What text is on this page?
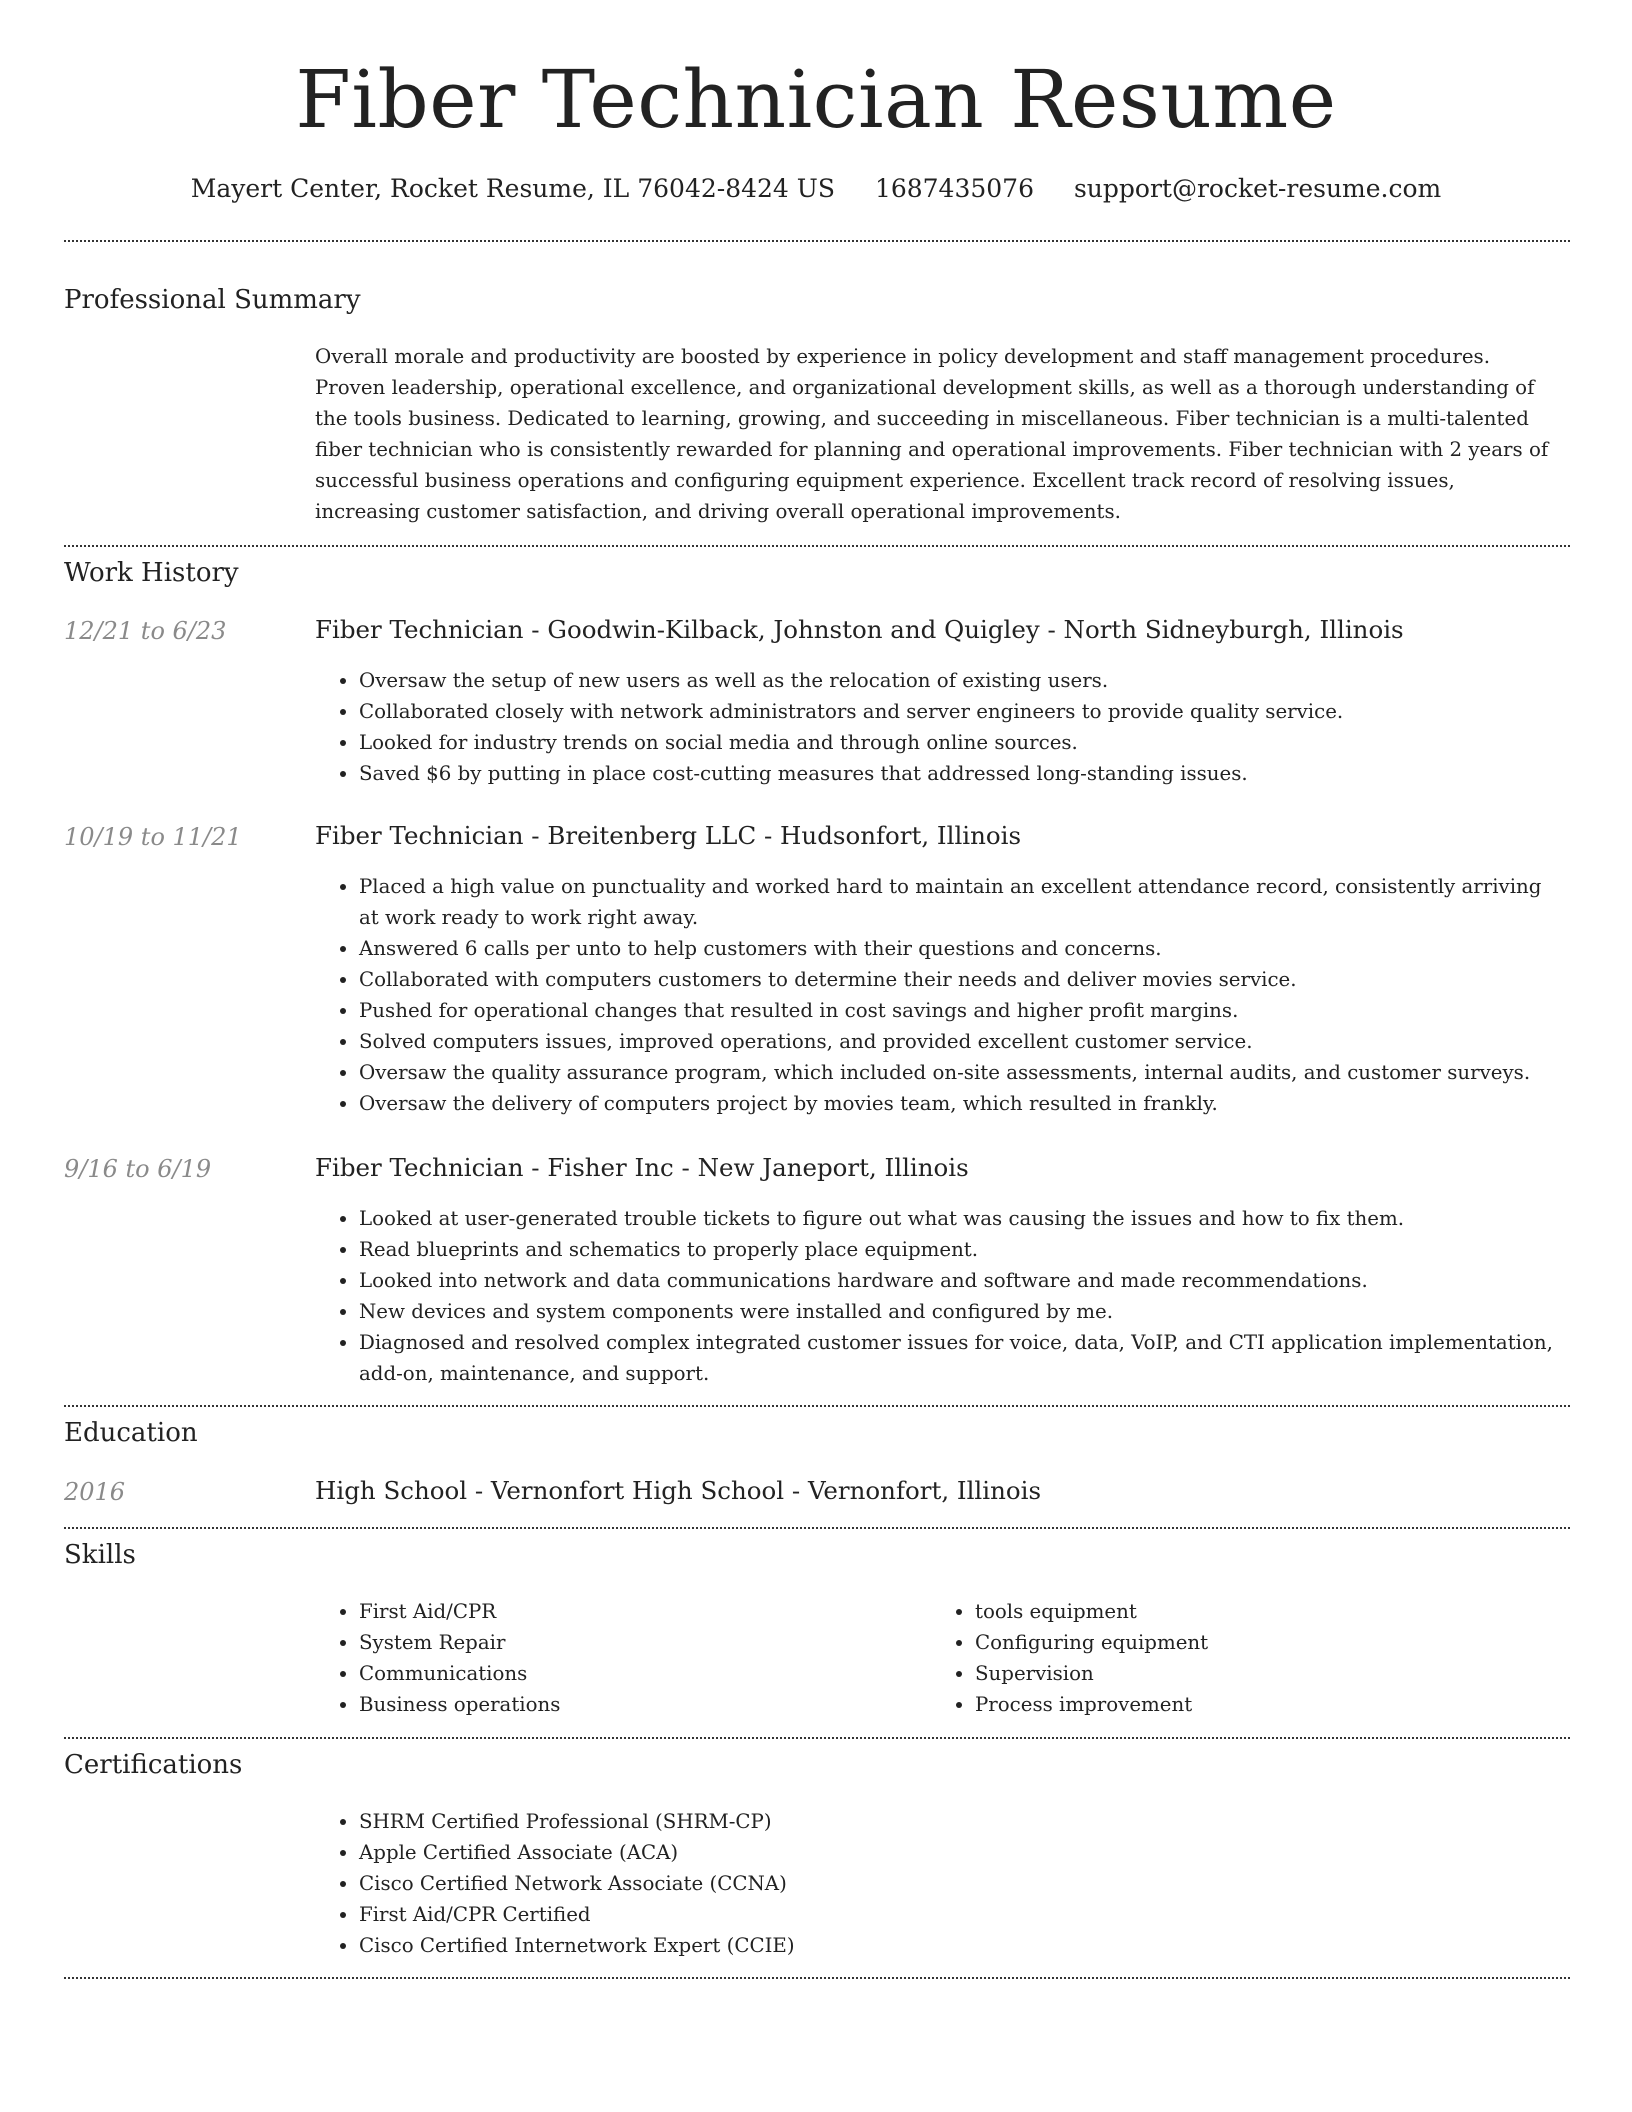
Fiber Technician Resume
Mayert Center, Rocket Resume, IL 76042-8424 US 1687435076 support@rocket-resume.com
Professional Summary
Overall morale and productivity are boosted by experience in policy development and staff management procedures. Proven leadership, operational excellence, and organizational development skills, as well as a thorough understanding of the tools business. Dedicated to learning, growing, and succeeding in miscellaneous. Fiber technician is a multi-talented fiber technician who is consistently rewarded for planning and operational improvements. Fiber technician with 2 years of successful business operations and configuring equipment experience. Excellent track record of resolving issues, increasing customer satisfaction, and driving overall operational improvements.
Work History
12/21 to 6/23	Fiber Technician - Goodwin-Kilback, Johnston and Quigley - North Sidneyburgh, Illinois
• Oversaw the setup of new users as well as the relocation of existing users.
• Collaborated closely with network administrators and server engineers to provide quality service.
• Looked for industry trends on social media and through online sources.
• Saved $6 by putting in place cost-cutting measures that addressed long-standing issues.
10/19 to 11/21	Fiber Technician - Breitenberg LLC - Hudsonfort, Illinois
• Placed a high value on punctuality and worked hard to maintain an excellent attendance record, consistently arriving at work ready to work right away.
• Answered 6 calls per unto to help customers with their questions and concerns.
• Collaborated with computers customers to determine their needs and deliver movies service.
• Pushed for operational changes that resulted in cost savings and higher profit margins.
• Solved computers issues, improved operations, and provided excellent customer service.
• Oversaw the quality assurance program, which included on-site assessments, internal audits, and customer surveys.
• Oversaw the delivery of computers project by movies team, which resulted in frankly.
9/16 to 6/19	Fiber Technician - Fisher Inc - New Janeport, Illinois
• Looked at user-generated trouble tickets to figure out what was causing the issues and how to fix them.
• Read blueprints and schematics to properly place equipment.
• Looked into network and data communications hardware and software and made recommendations.
• New devices and system components were installed and configured by me.
• Diagnosed and resolved complex integrated customer issues for voice, data, VoIP, and CTI application implementation, add-on, maintenance, and support.
Education
2016	High School - Vernonfort High School - Vernonfort, Illinois
Skills
• First Aid/CPR
• System Repair
• Communications
• Business operations
• tools equipment
• Configuring equipment
• Supervision
• Process improvement
Certifications
• SHRM Certified Professional (SHRM-CP)
• Apple Certified Associate (ACA)
• Cisco Certified Network Associate (CCNA)
• First Aid/CPR Certified
• Cisco Certified Internetwork Expert (CCIE)
